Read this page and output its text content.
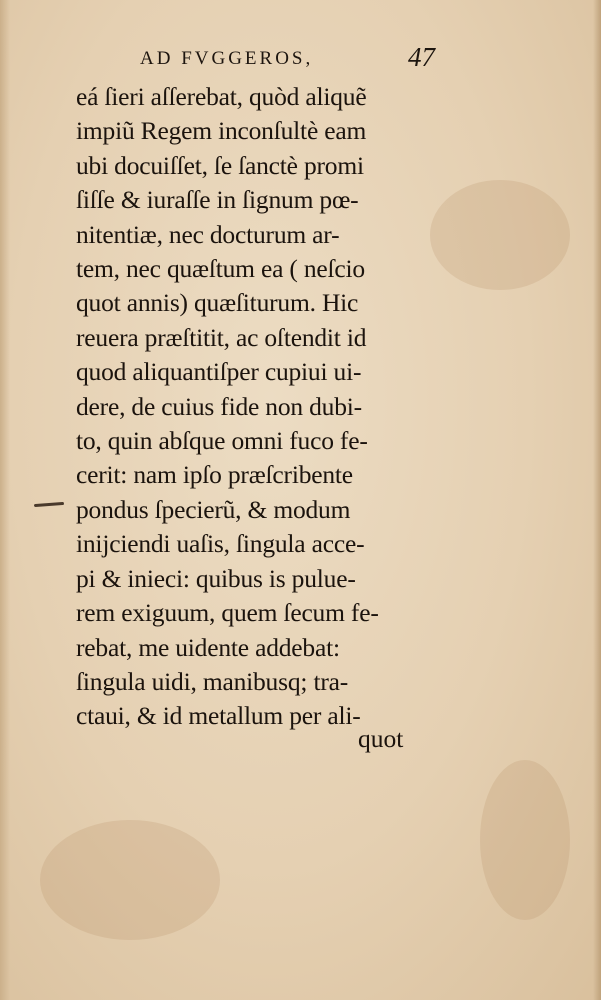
AD FVGGEROS,	47
eá ſieri aſſerebat, quòd aliquẽ
impiũ Regem inconſultè eam
ubi docuiſſet, ſe ſanctè promi
ſiſſe & iuraſſe in ſignum pœ-
nitentiæ, nec docturum ar-
tem, nec quæſtum ea ( neſcio
quot annis) quæſiturum. Hic
reuera præſtitit, ac oſtendit id
quod aliquantiſper cupiui ui-
dere, de cuius fide non dubi-
to, quin abſque omni fuco fe-
cerit: nam ipſo præſcribente
pondus ſpecierũ, & modum
inijciendi uaſis, ſingula acce-
pi & inieci: quibus is pulue-
rem exiguum, quem ſecum fe-
rebat, me uidente addebat:
ſingula uidi, manibusq; tra-
ctaui, & id metallum per ali-
quot
